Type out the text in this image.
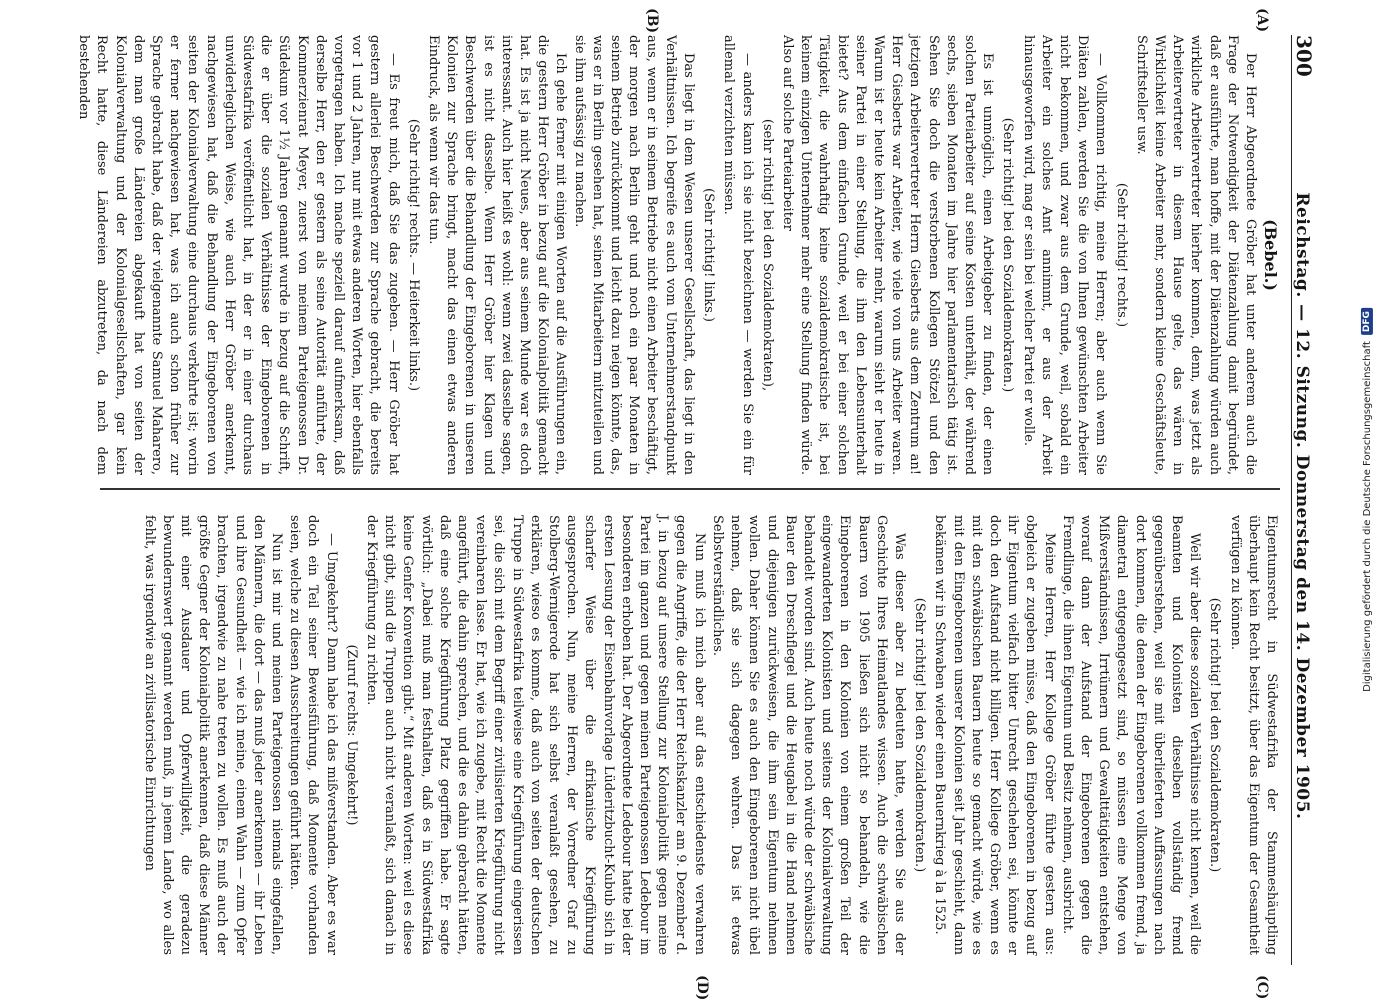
300
Reichstag. — 12. Sitzung. Donnerstag den 14. Dezember 1905.
(A)
(B)
(C)
(D)

(Bebel.)

Der Herr Abgeordnete Gröber hat unter anderem auch die Frage der Notwendigkeit der Diätenzahlung damit begründet, daß er ausführte, man hoffe, mit der Diätenzahlung würden auch wirkliche Arbeitervertreter hierher kommen, denn, was jetzt als Arbeitervertreter in diesem Hause gelte, das wären in Wirklichkeit keine Arbeiter mehr, sondern kleine Geschäftsleute, Schriftsteller usw.

(Sehr richtig! rechts.)

— Vollkommen richtig, meine Herren; aber auch wenn Sie Diäten zahlen, werden Sie die von Ihnen gewünschten Arbeiter nicht bekommen, und zwar aus dem Grunde, weil, sobald ein Arbeiter ein solches Amt annimmt, er aus der Arbeit hinausgeworfen wird, mag er sein bei welcher Partei er wolle.

(Sehr richtig! bei den Sozialdemokraten.)

Es ist unmöglich, einen Arbeitgeber zu finden, der einen solchen Parteiarbeiter auf seine Kosten unterhält, der während sechs, sieben Monaten im Jahre hier parlamentarisch tätig ist. Sehen Sie doch die verstorbenen Kollegen Stötzel und den jetzigen Arbeitervertreter Herrn Giesberts aus dem Zentrum an! Herr Giesberts war Arbeiter, wie viele von uns Arbeiter waren. Warum ist er heute kein Arbeiter mehr, warum sieht er heute in seiner Partei in einer Stellung, die ihm den Lebensunterhalt bietet? Aus dem einfachen Grunde, weil er bei einer solchen Tätigkeit, die wahrhaftig keine sozialdemokratische ist, bei keinem einzigen Unternehmer mehr eine Stellung finden würde. Also auf solche Parteiarbeiter

(sehr richtig! bei den Sozialdemokraten),

— anders kann ich sie nicht bezeichnen — werden Sie ein für allemal verzichten müssen.

(Sehr richtig! links.)

Das liegt in dem Wesen unserer Gesellschaft, das liegt in den Verhältnissen. Ich begreife es auch vom Unternehmerstandpunkt aus, wenn er in seinem Betriebe nicht einen Arbeiter beschäftigt, der morgen nach Berlin geht und noch ein paar Monaten in seinem Betrieb zurückkommt und leicht dazu neigen könnte, das, was er in Berlin gesehen hat, seinen Mitarbeitern mitzuteilen und sie ihm aufsässig zu machen.

Ich gehe ferner mit einigen Worten auf die Ausführungen ein, die gestern Herr Gröber in bezug auf die Kolonialpolitik gemacht hat. Es ist ja nicht Neues, aber aus seinem Munde war es doch interessant. Auch hier heißt es wohl: wenn zwei dasselbe sagen, ist es nicht dasselbe. Wenn Herr Gröber hier Klagen und Beschwerden über die Behandlung der Eingeborenen in unseren Kolonien zur Sprache bringt, macht das einen etwas anderen Eindruck, als wenn wir das tun.

(Sehr richtig! rechts. — Heiterkeit links.)

— Es freut mich, daß Sie das zugeben. — Herr Gröber hat gestern allerlei Beschwerden zur Sprache gebracht, die bereits vor 1 und 2 Jahren, nur mit etwas anderen Worten, hier ebenfalls vorgetragen haben. Ich mache speziell darauf aufmerksam, daß derselbe Herr, den er gestern als seine Autorität anführte, der Kommerzienrat Meyer, zuerst von meinem Parteigenossen Dr. Südekum vor 1½ Jahren genannt wurde in bezug auf die Schrift, die er über die sozialen Verhältnisse der Eingeborenen in Südwestafrika veröffentlicht hat, in der er in einer durchaus unwiderleglichen Weise, wie auch Herr Gröber anerkennt, nachgewiesen hat, daß die Behandlung der Eingeborenen von seiten der Kolonialverwaltung eine durchaus verkehrte ist; worin er ferner nachgewiesen hat, was ich auch schon früher zur Sprache gebracht habe, daß der vielgenannte Samuel Maharero, dem man große Ländereien abgekauft hat von seiten der Kolonialverwaltung und der Kolonialgesellschaften, gar kein Recht hatte, diese Ländereien abzutreten, da nach dem bestehenden

Eigentumsrecht in Südwestafrika der Stammeshäuptling überhaupt kein Recht besitzt, über das Eigentum der Gesamtheit verfügen zu können.

(Sehr richtig! bei den Sozialdemokraten.)

Weil wir aber diese sozialen Verhältnisse nicht kennen, weil die Beamten und Kolonisten dieselben vollständig fremd gegenüberstehen, weil sie mit überlieferten Auffassungen nach dort kommen, die denen der Eingeborenen vollkommen fremd, ja diametral entgegengesetzt sind, so müssen eine Menge von Mißverständnissen, Irrtümern und Gewalttätigkeiten entstehen, worauf dann der Aufstand der Eingeborenen gegen die Fremdlinge, die ihnen Eigentum und Besitz nehmen, ausbricht.

Meine Herren, Herr Kollege Gröber führte gestern aus: obgleich er zugeben müsse, daß den Eingeborenen in bezug auf ihr Eigentum vielfach bitter Unrecht geschehen sei, könnte er doch den Aufstand nicht billigen. Herr Kollege Gröber, wenn es mit den schwäbischen Bauern heute so gemacht würde, wie es mit den Eingeborenen unserer Kolonien seit Jahr geschieht, dann bekämen wir in Schwaben wieder einen Bauernkrieg à la 1525.

(Sehr richtig! bei den Sozialdemokraten.)

Was dieser aber zu bedeuten hatte, werden Sie aus der Geschichte Ihres Heimatlandes wissen. Auch die schwäbischen Bauern von 1905 ließen sich nicht so behandeln, wie die Eingeborenen in den Kolonien von einem großen Teil der eingewanderten Kolonisten und seitens der Kolonialverwaltung behandelt worden sind. Auch heute noch würde der schwäbische Bauer den Dreschflegel und die Heugabel in die Hand nehmen und diejenigen zurückweisen, die ihm sein Eigentum nehmen wollen. Daher können Sie es auch den Eingeborenen nicht übel nehmen, daß sie sich dagegen wehren. Das ist etwas Selbstverständliches.

Nun muß ich mich aber auf das entschiedenste verwahren gegen die Angriffe, die der Herr Reichskanzler am 9. Dezember d. J. in bezug auf unsere Stellung zur Kolonialpolitik gegen meine Partei im ganzen und gegen meinen Parteigenossen Ledebour im besonderen erhoben hat. Der Abgeordnete Ledebour hatte bei der ersten Lesung der Eisenbahnvorlage Lüderitzbucht-Kubub sich in scharfer Weise über die afrikanische Kriegführung ausgesprochen. Nun, meine Herren, der Vorredner Graf zu Stolberg-Wernigerode hat sich selbst veranlaßt gesehen, zu erklären, wieso es komme, daß auch von seiten der deutschen Truppe in Südwestafrika teilweise eine Kriegführung eingerissen sei, die sich mit dem Begriff einer zivilisierten Kriegführung nicht vereinbaren lasse. Er hat, wie ich zugebe, mit Recht die Momente angeführt, die dahin sprechen, und die es dahin gebracht hätten, daß eine solche Kriegführung Platz gegriffen habe. Er sagte wörtlich: „Dabei muß man festhalten, daß es in Südwestafrika keine Genfer Konvention gibt.“ Mit anderen Worten: weil es diese nicht gibt, sind die Truppen auch nicht veranlaßt, sich danach in der Kriegführung zu richten.

(Zuruf rechts: Umgekehrt!)

— Umgekehrt? Dann habe ich das mißverstanden. Aber es war doch ein Teil seiner Beweisführung, daß Momente vorhanden seien, welche zu diesen Ausschreitungen geführt hätten.

Nun ist mir und meinen Parteigenossen niemals eingefallen, den Männern, die dort — das muß jeder anerkennen — ihr Leben und ihre Gesundheit — wie ich meine, einem Wahn — zum Opfer brachten, irgendwie zu nahe treten zu wollen. Es muß auch der größte Gegner der Kolonialpolitik anerkennen, daß diese Männer mit einer Ausdauer und Opferwilligkeit, die geradezu bewundernswert genannt werden muß, in jenem Lande, wo alles fehlt, was irgendwie an zivilisatorische Einrichtungen	Digitalisierung gefördert durch die Deutsche Forschungsgemeinschaft
DFG
